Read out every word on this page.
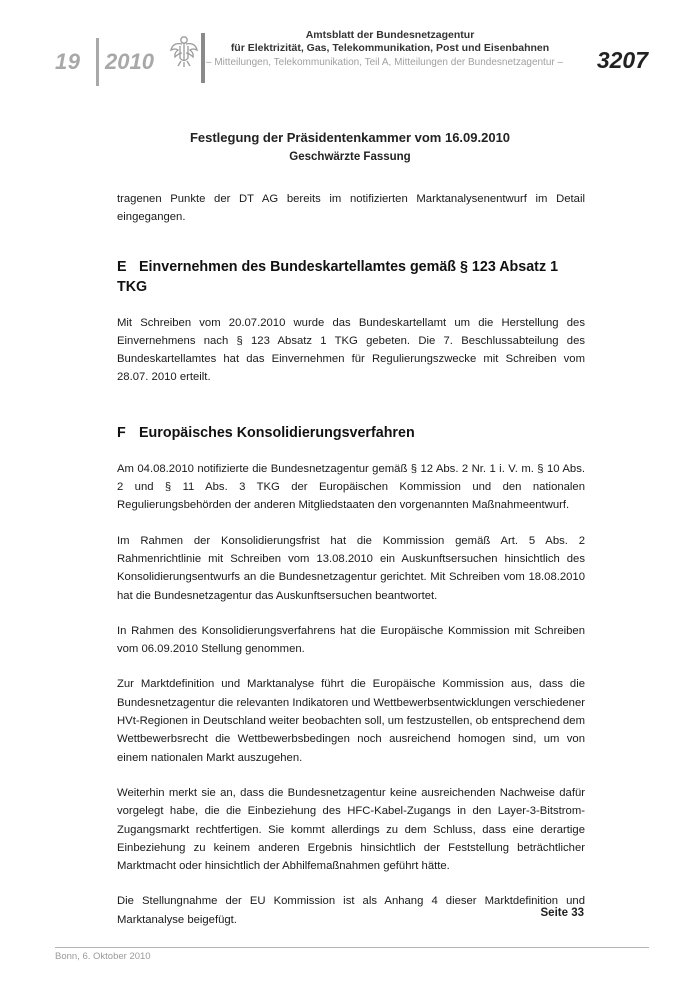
19 2010
Amtsblatt der Bundesnetzagentur
für Elektrizität, Gas, Telekommunikation, Post und Eisenbahnen
– Mitteilungen, Telekommunikation, Teil A, Mitteilungen der Bundesnetzagentur – 3207
Festlegung der Präsidentenkammer vom 16.09.2010
Geschwärzte Fassung

tragenen Punkte der DT AG bereits im notifizierten Marktanalysenentwurf im Detail eingegangen.

E Einvernehmen des Bundeskartellamtes gemäß § 123 Absatz 1 TKG

Mit Schreiben vom 20.07.2010 wurde das Bundeskartellamt um die Herstellung des Einvernehmens nach § 123 Absatz 1 TKG gebeten. Die 7. Beschlussabteilung des Bundeskartellamtes hat das Einvernehmen für Regulierungszwecke mit Schreiben vom 28.07. 2010 erteilt.

F Europäisches Konsolidierungsverfahren

Am 04.08.2010 notifizierte die Bundesnetzagentur gemäß § 12 Abs. 2 Nr. 1 i. V. m. § 10 Abs. 2 und § 11 Abs. 3 TKG der Europäischen Kommission und den nationalen Regulierungsbehörden der anderen Mitgliedstaaten den vorgenannten Maßnahmeentwurf.

Im Rahmen der Konsolidierungsfrist hat die Kommission gemäß Art. 5 Abs. 2 Rahmenrichtlinie mit Schreiben vom 13.08.2010 ein Auskunftsersuchen hinsichtlich des Konsolidierungsentwurfs an die Bundesnetzagentur gerichtet. Mit Schreiben vom 18.08.2010 hat die Bundesnetzagentur das Auskunftsersuchen beantwortet.

In Rahmen des Konsolidierungsverfahrens hat die Europäische Kommission mit Schreiben vom 06.09.2010 Stellung genommen.

Zur Marktdefinition und Marktanalyse führt die Europäische Kommission aus, dass die Bundesnetzagentur die relevanten Indikatoren und Wettbewerbsentwicklungen verschiedener HVt-Regionen in Deutschland weiter beobachten soll, um festzustellen, ob entsprechend dem Wettbewerbsrecht die Wettbewerbsbedingen noch ausreichend homogen sind, um von einem nationalen Markt auszugehen.

Weiterhin merkt sie an, dass die Bundesnetzagentur keine ausreichenden Nachweise dafür vorgelegt habe, die die Einbeziehung des HFC-Kabel-Zugangs in den Layer-3-Bitstrom-Zugangsmarkt rechtfertigen. Sie kommt allerdings zu dem Schluss, dass eine derartige Einbeziehung zu keinem anderen Ergebnis hinsichtlich der Feststellung beträchtlicher Marktmacht oder hinsichtlich der Abhilfemaßnahmen geführt hätte.

Die Stellungnahme der EU Kommission ist als Anhang 4 dieser Marktdefinition und Marktanalyse beigefügt.

Seite 33
Bonn, 6. Oktober 2010
